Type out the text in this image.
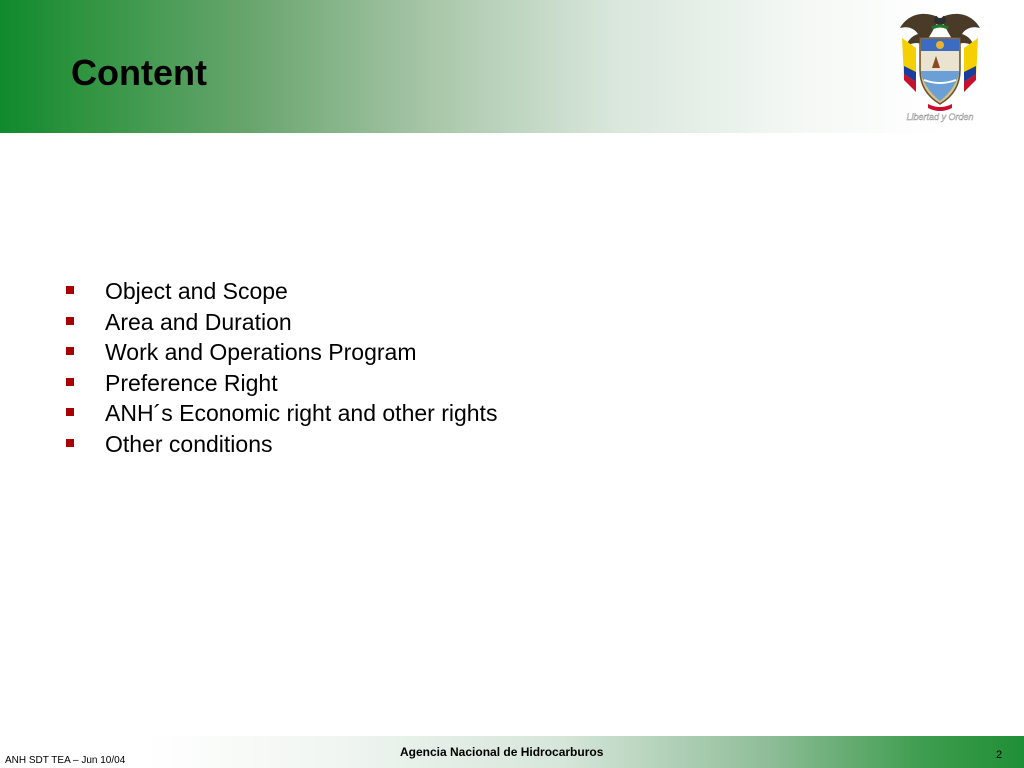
Content
Libertad y Orden
Object and Scope
Area and Duration
Work and Operations Program
Preference Right
ANH´s Economic right and other rights
Other conditions
ANH SDT TEA – Jun 10/04
Agencia Nacional de Hidrocarburos	2
